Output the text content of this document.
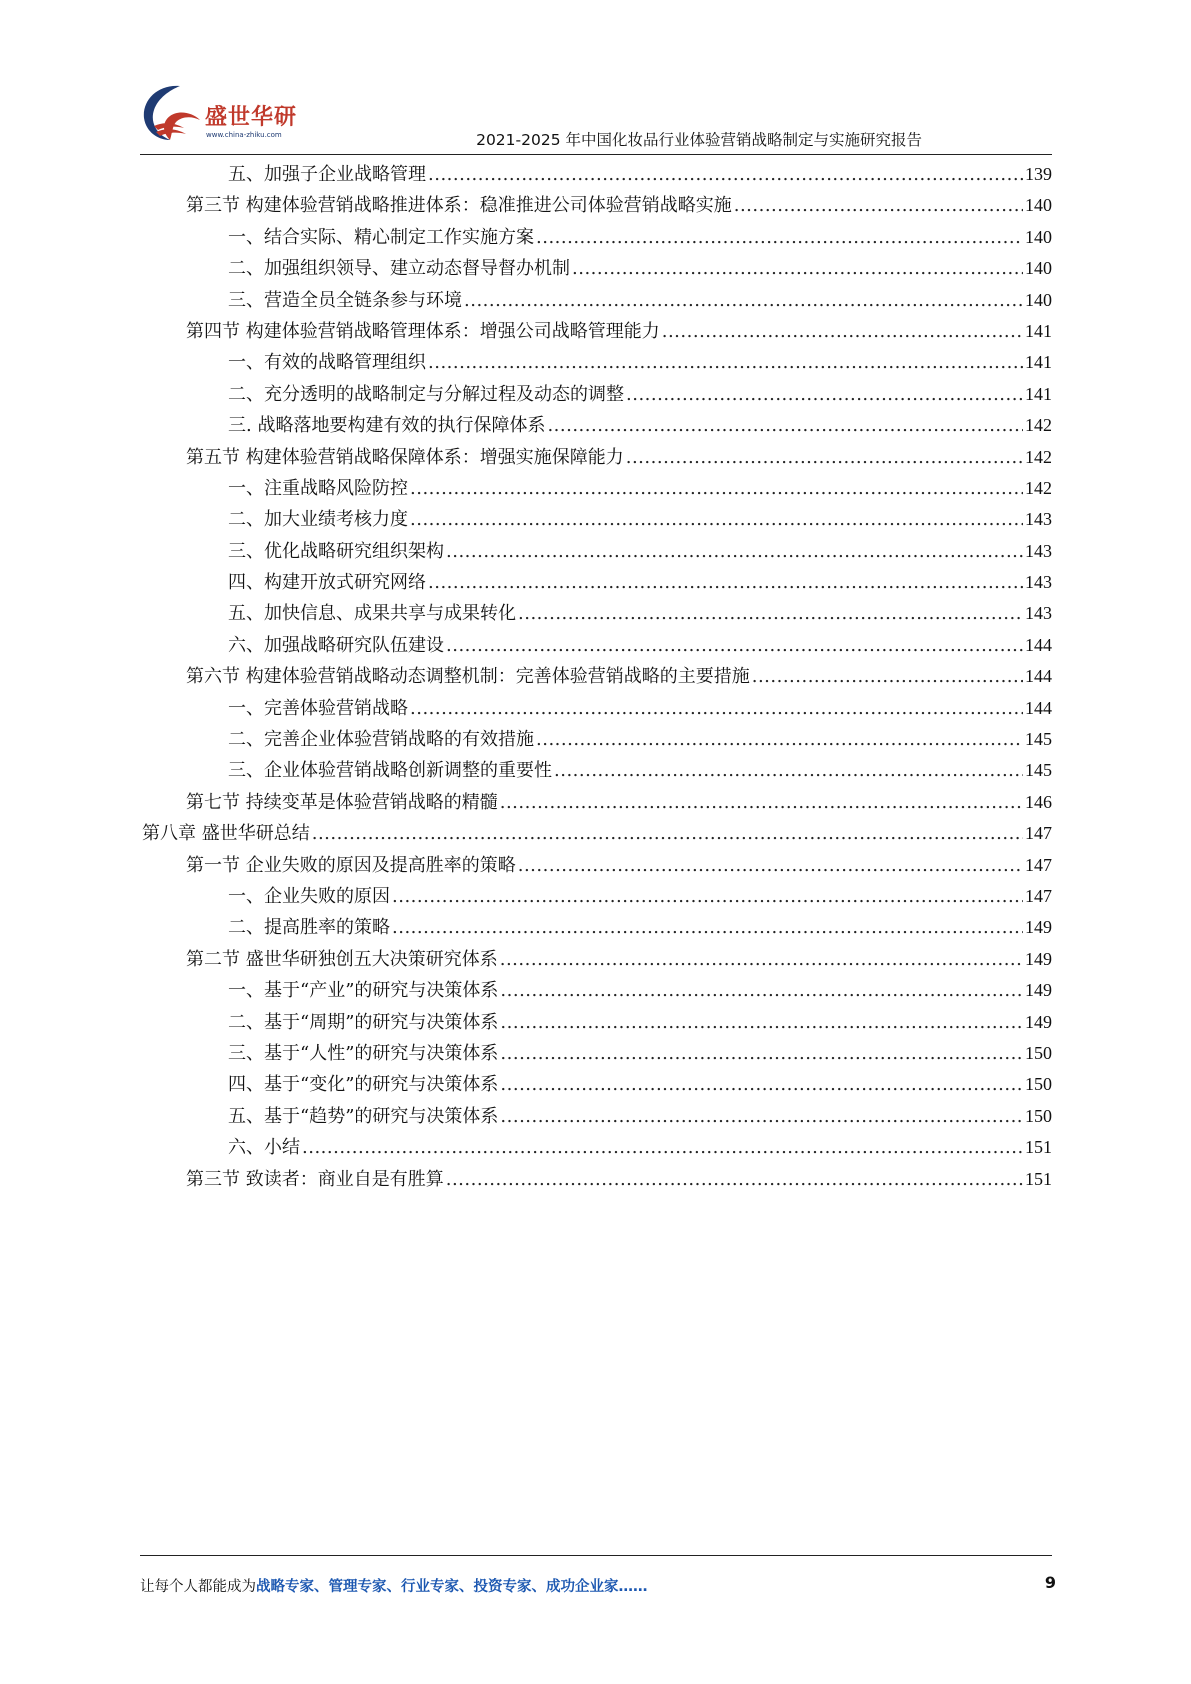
盛世华研
www.china-zhiku.com	2021-2025 年中国化妆品行业体验营销战略制定与实施研究报告
五、加强子企业战略管理 .....	139
第三节 构建体验营销战略推进体系：稳准推进公司体验营销战略实施 .....	140
一、结合实际、精心制定工作实施方案 .....	140
二、加强组织领导、建立动态督导督办机制 .....	140
三、营造全员全链条参与环境 .....	140
第四节 构建体验营销战略管理体系：增强公司战略管理能力 .....	141
一、有效的战略管理组织 .....	141
二、充分透明的战略制定与分解过程及动态的调整 .....	141
三. 战略落地要构建有效的执行保障体系 .....	142
第五节 构建体验营销战略保障体系：增强实施保障能力 .....	142
一、注重战略风险防控 .....	142
二、加大业绩考核力度 .....	143
三、优化战略研究组织架构 .....	143
四、构建开放式研究网络 .....	143
五、加快信息、成果共享与成果转化 .....	143
六、加强战略研究队伍建设 .....	144
第六节 构建体验营销战略动态调整机制：完善体验营销战略的主要措施 .....	144
一、完善体验营销战略 .....	144
二、完善企业体验营销战略的有效措施 .....	145
三、企业体验营销战略创新调整的重要性 .....	145
第七节 持续变革是体验营销战略的精髓 .....	146
第八章 盛世华研总结 .....	147
第一节 企业失败的原因及提高胜率的策略 .....	147
一、企业失败的原因 .....	147
二、提高胜率的策略 .....	149
第二节 盛世华研独创五大决策研究体系 .....	149
一、基于“产业”的研究与决策体系 .....	149
二、基于“周期”的研究与决策体系 .....	149
三、基于“人性”的研究与决策体系 .....	150
四、基于“变化”的研究与决策体系 .....	150
五、基于“趋势”的研究与决策体系 .....	150
六、小结 .....	151
第三节 致读者：商业自是有胜算 .....	151
让每个人都能成为战略专家、管理专家、行业专家、投资专家、成功企业家……	9
